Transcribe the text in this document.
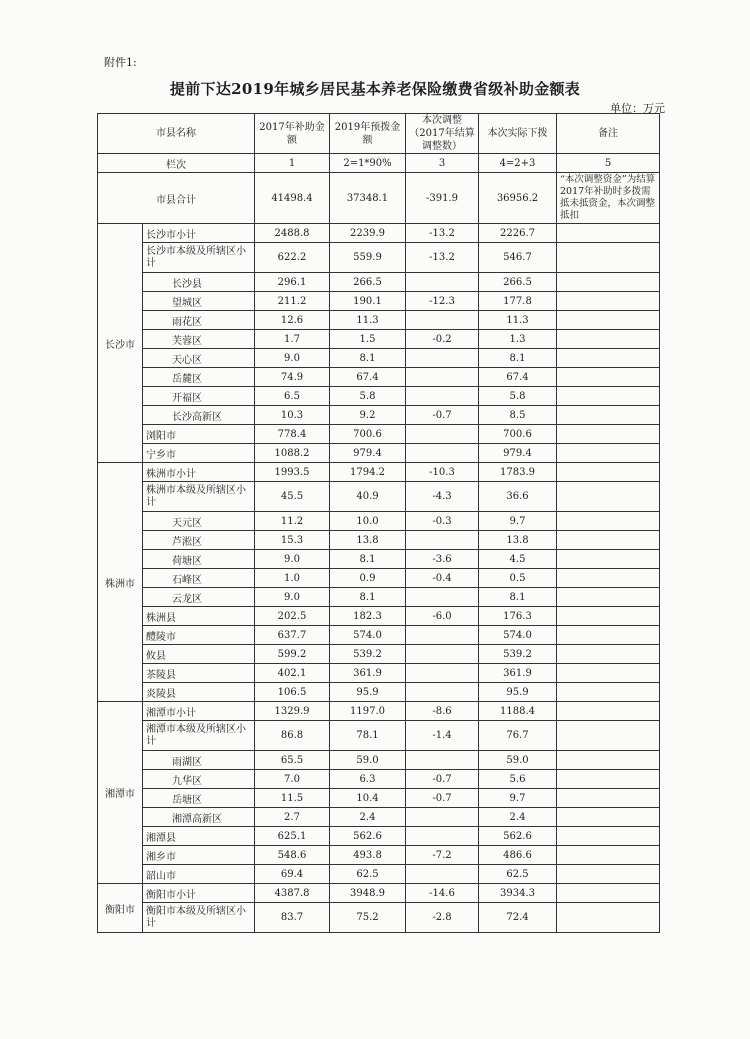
附件1:
提前下达2019年城乡居民基本养老保险缴费省级补助金额表
单位：万元
市县名称		2017年补助金额	2019年预拨金额	本次调整（2017年结算调整数）	本次实际下拨	备注
栏次		1	2=1*90%	3	4=2+3	5
市县合计		41498.4	37348.1	-391.9	36956.2	“本次调整资金”为结算2017年补助时多拨需抵未抵资金，本次调整抵扣
长沙市	长沙市小计	2488.8	2239.9	-13.2	2226.7	
	长沙市本级及所辖区小计	622.2	559.9	-13.2	546.7	
	长沙县	296.1	266.5		266.5	
	望城区	211.2	190.1	-12.3	177.8	
	雨花区	12.6	11.3		11.3	
	芙蓉区	1.7	1.5	-0.2	1.3	
	天心区	9.0	8.1		8.1	
	岳麓区	74.9	67.4		67.4	
	开福区	6.5	5.8		5.8	
	长沙高新区	10.3	9.2	-0.7	8.5	
	浏阳市	778.4	700.6		700.6	
	宁乡市	1088.2	979.4		979.4	
株洲市	株洲市小计	1993.5	1794.2	-10.3	1783.9	
	株洲市本级及所辖区小计	45.5	40.9	-4.3	36.6	
	天元区	11.2	10.0	-0.3	9.7	
	芦淞区	15.3	13.8		13.8	
	荷塘区	9.0	8.1	-3.6	4.5	
	石峰区	1.0	0.9	-0.4	0.5	
	云龙区	9.0	8.1		8.1	
	株洲县	202.5	182.3	-6.0	176.3	
	醴陵市	637.7	574.0		574.0	
	攸县	599.2	539.2		539.2	
	茶陵县	402.1	361.9		361.9	
	炎陵县	106.5	95.9		95.9	
湘潭市	湘潭市小计	1329.9	1197.0	-8.6	1188.4	
	湘潭市本级及所辖区小计	86.8	78.1	-1.4	76.7	
	雨湖区	65.5	59.0		59.0	
	九华区	7.0	6.3	-0.7	5.6	
	岳塘区	11.5	10.4	-0.7	9.7	
	湘潭高新区	2.7	2.4		2.4	
	湘潭县	625.1	562.6		562.6	
	湘乡市	548.6	493.8	-7.2	486.6	
	韶山市	69.4	62.5		62.5	
衡阳市	衡阳市小计	4387.8	3948.9	-14.6	3934.3	
	衡阳市本级及所辖区小计	83.7	75.2	-2.8	72.4	
